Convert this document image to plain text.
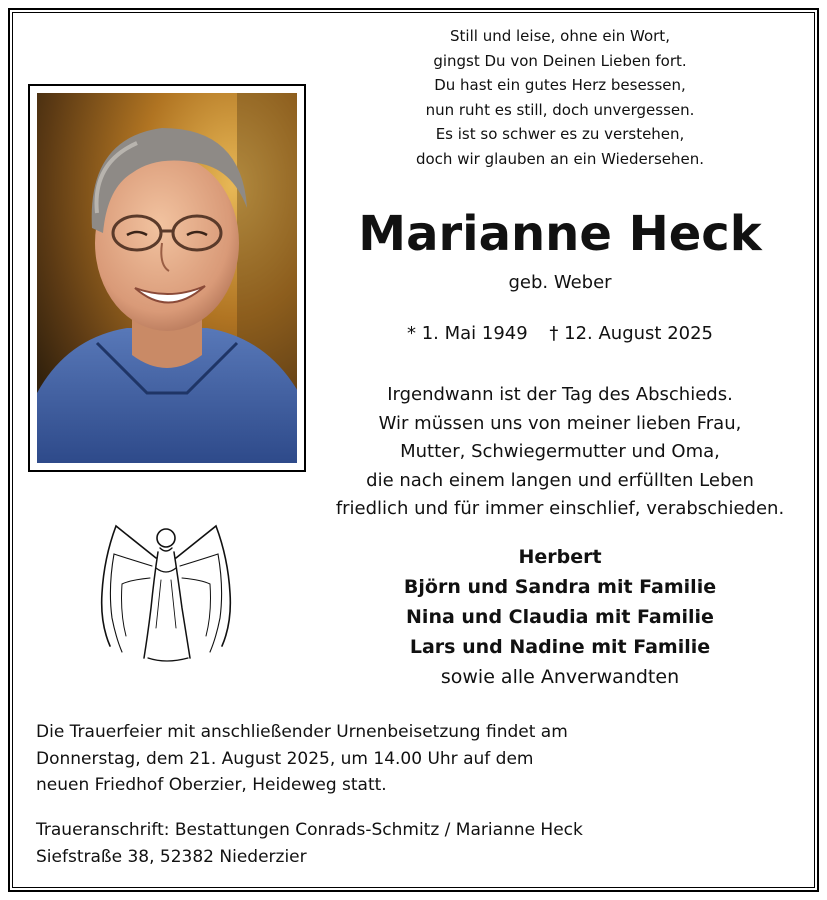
Still und leise, ohne ein Wort,
gingst Du von Deinen Lieben fort.
Du hast ein gutes Herz besessen,
nun ruht es still, doch unvergessen.
Es ist so schwer es zu verstehen,
doch wir glauben an ein Wiedersehen.
Marianne Heck
geb. Weber
* 1. Mai 1949 † 12. August 2025
Irgendwann ist der Tag des Abschieds.
Wir müssen uns von meiner lieben Frau,
Mutter, Schwiegermutter und Oma,
die nach einem langen und erfüllten Leben
friedlich und für immer einschlief, verabschieden.
Herbert
Björn und Sandra mit Familie
Nina und Claudia mit Familie
Lars und Nadine mit Familie
sowie alle Anverwandten
Die Trauerfeier mit anschließender Urnenbeisetzung findet am
Donnerstag, dem 21. August 2025, um 14.00 Uhr auf dem
neuen Friedhof Oberzier, Heideweg statt.
Traueranschrift: Bestattungen Conrads-Schmitz / Marianne Heck
Siefstraße 38, 52382 Niederzier
